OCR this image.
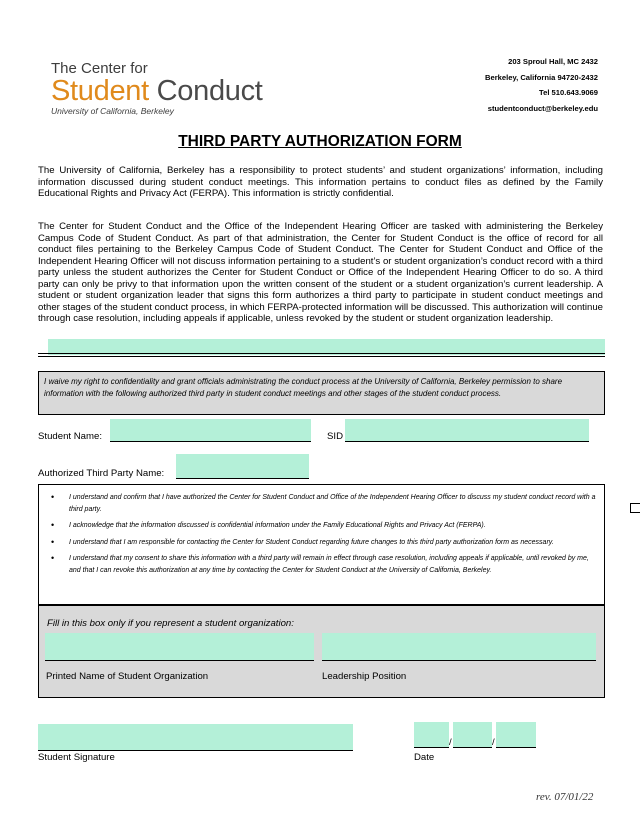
The Center for
Student Conduct
University of California, Berkeley
203 Sproul Hall, MC 2432
Berkeley, California 94720-2432
Tel 510.643.9069
studentconduct@berkeley.edu
THIRD PARTY AUTHORIZATION FORM

The University of California, Berkeley has a responsibility to protect students’ and student organizations’ information, including information discussed during student conduct meetings. This information pertains to conduct files as defined by the Family Educational Rights and Privacy Act (FERPA). This information is strictly confidential.

The Center for Student Conduct and the Office of the Independent Hearing Officer are tasked with administering the Berkeley Campus Code of Student Conduct. As part of that administration, the Center for Student Conduct is the office of record for all conduct files pertaining to the Berkeley Campus Code of Student Conduct. The Center for Student Conduct and Office of the Independent Hearing Officer will not discuss information pertaining to a student’s or student organization’s conduct record with a third party unless the student authorizes the Center for Student Conduct or Office of the Independent Hearing Officer to do so. A third party can only be privy to that information upon the written consent of the student or a student organization’s current leadership. A student or student organization leader that signs this form authorizes a third party to participate in student conduct meetings and other stages of the student conduct process, in which FERPA-protected information will be discussed. This authorization will continue through case resolution, including appeals if applicable, unless revoked by the student or student organization leadership.

I waive my right to confidentiality and grant officials administrating the conduct process at the University of California, Berkeley permission to share information with the following authorized third party in student conduct meetings and other stages of the student conduct process.
Student Name:	SID
Authorized Third Party Name:
• I understand and confirm that I have authorized the Center for Student Conduct and Office of the Independent Hearing Officer to discuss my student conduct record with a third party.
• I acknowledge that the information discussed is confidential information under the Family Educational Rights and Privacy Act (FERPA).
• I understand that I am responsible for contacting the Center for Student Conduct regarding future changes to this third party authorization form as necessary.
• I understand that my consent to share this information with a third party will remain in effect through case resolution, including appeals if applicable, until revoked by me, and that I can revoke this authorization at any time by contacting the Center for Student Conduct at the University of California, Berkeley.
Fill in this box only if you represent a student organization:
Printed Name of Student Organization	Leadership Position
Student Signature
/	/
Date
rev. 07/01/22
